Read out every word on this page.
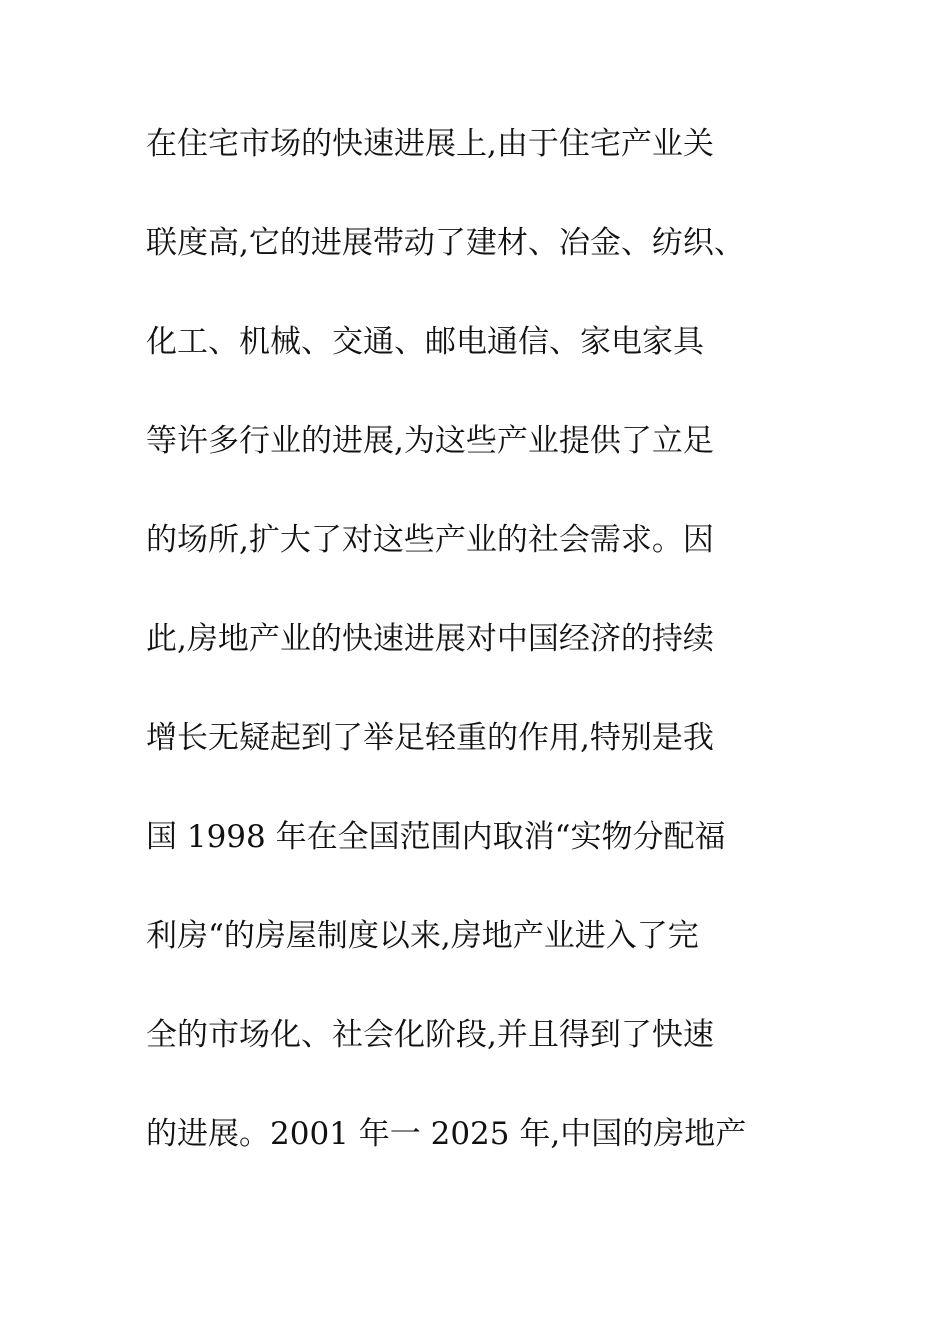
在住宅市场的快速进展上,由于住宅产业关
联度高,它的进展带动了建材、冶金、纺织、
化工、机械、交通、邮电通信、家电家具
等许多行业的进展,为这些产业提供了立足
的场所,扩大了对这些产业的社会需求。因
此,房地产业的快速进展对中国经济的持续
增长无疑起到了举足轻重的作用,特别是我
国 1998 年在全国范围内取消“实物分配福
利房“的房屋制度以来,房地产业进入了完
全的市场化、社会化阶段,并且得到了快速
的进展。2001 年一 2025 年,中国的房地产
